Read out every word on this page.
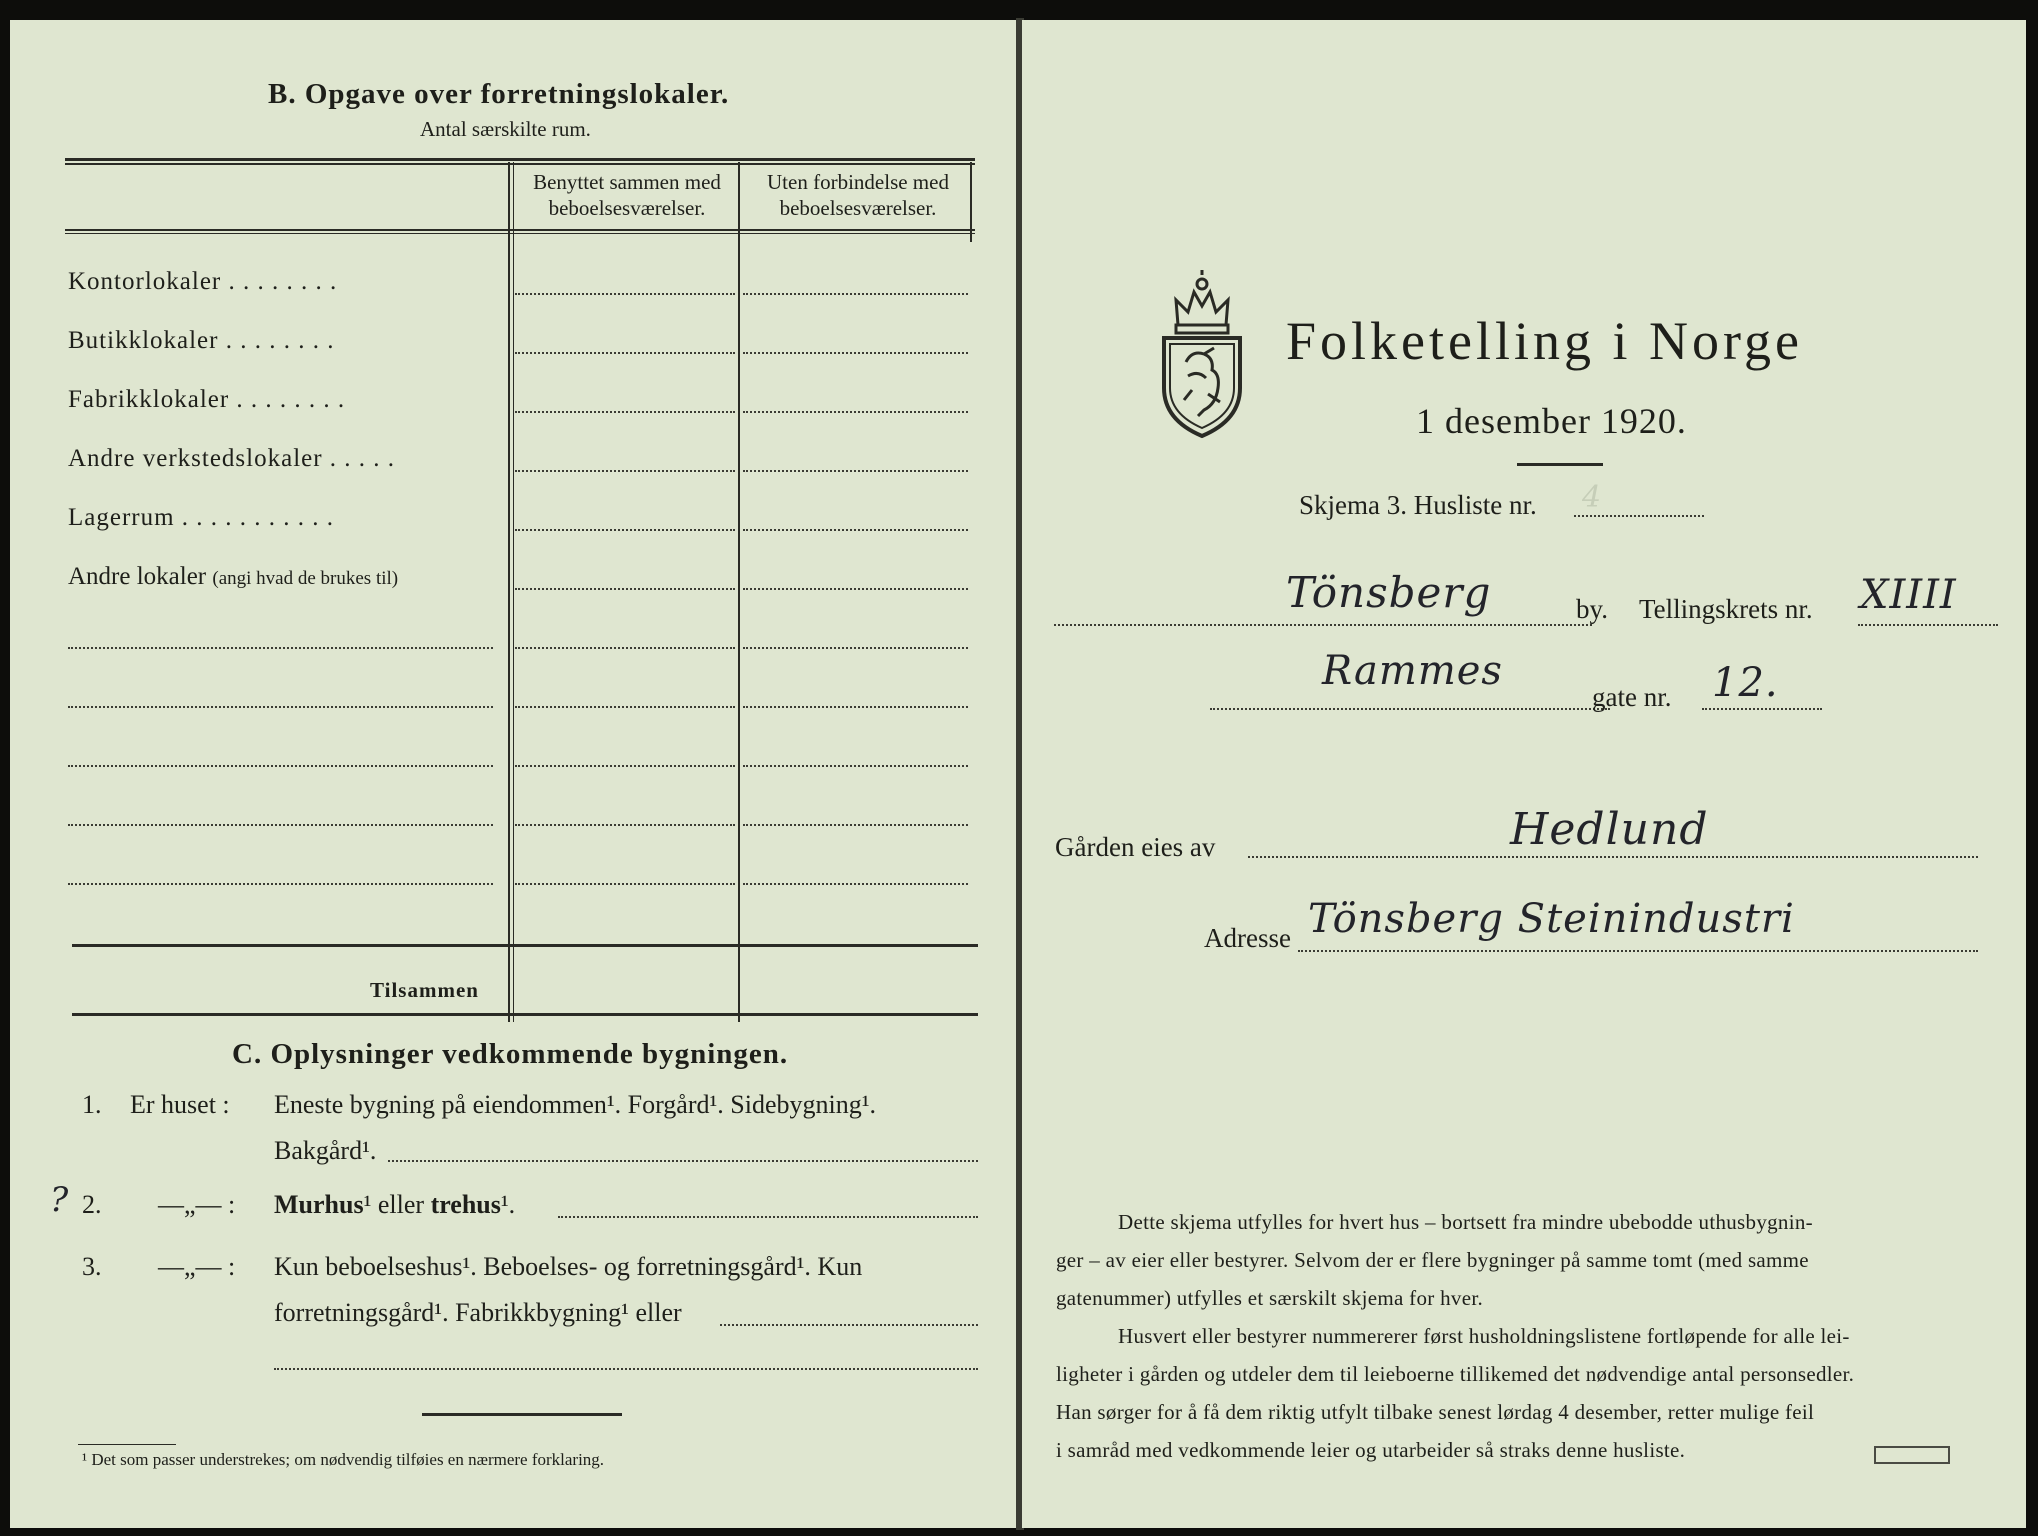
B. Opgave over forretningslokaler.
Antal særskilte rum.
Benyttet sammen med
beboelsesværelser.
Uten forbindelse med
beboelsesværelser.
Kontorlokaler . . . . . . . .
Butikklokaler . . . . . . . .
Fabrikklokaler . . . . . . . .
Andre verkstedslokaler . . . . .
Lagerrum . . . . . . . . . . .
Andre lokaler (angi hvad de brukes til)
Tilsammen
C. Oplysninger vedkommende bygningen.
1. Er huset : Eneste bygning på eiendommen¹. Forgård¹. Sidebygning¹.
Bakgård¹.
? 2. —„— : Murhus¹ eller trehus¹.
3. —„— : Kun beboelseshus¹. Beboelses- og forretningsgård¹. Kun
forretningsgård¹. Fabrikkbygning¹ eller
¹ Det som passer understrekes; om nødvendig tilføies en nærmere forklaring.
Folketelling i Norge
1 desember 1920.
Skjema 3. Husliste nr. 4
Tönsberg	by. Tellingskrets nr. XIIII
Rammes
gate nr. 12.
Gården eies av	Hedlund
Adresse Tönsberg Steinindustri
Dette skjema utfylles for hvert hus – bortsett fra mindre ubebodde uthusbygnin-
ger – av eier eller bestyrer. Selvom der er flere bygninger på samme tomt (med samme
gatenummer) utfylles et særskilt skjema for hver.
Husvert eller bestyrer nummererer først husholdningslistene fortløpende for alle lei-
ligheter i gården og utdeler dem til leieboerne tillikemed det nødvendige antal personsedler.
Han sørger for å få dem riktig utfylt tilbake senest lørdag 4 desember, retter mulige feil
i samråd med vedkommende leier og utarbeider så straks denne husliste.
